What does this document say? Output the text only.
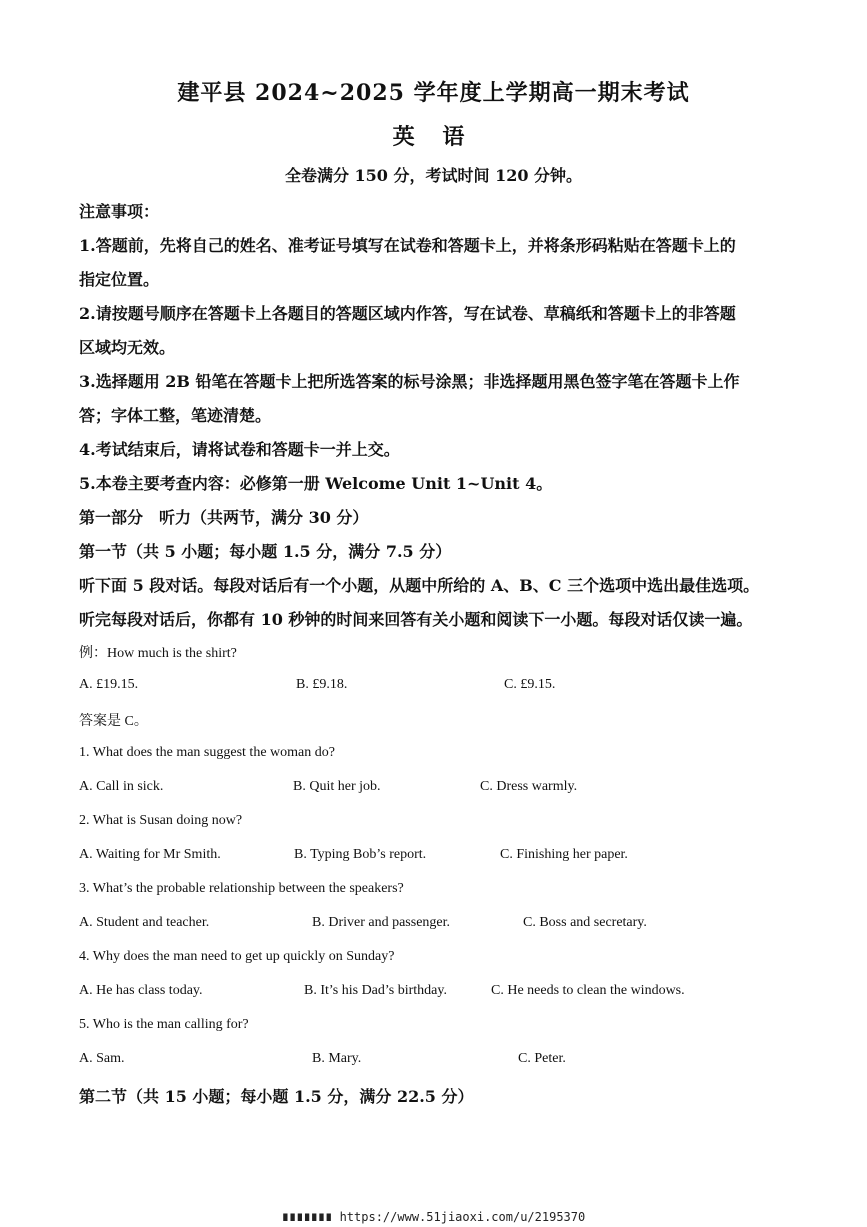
建平县 2024~2025 学年度上学期高一期末考试
英 语
全卷满分 150 分，考试时间 120 分钟。
注意事项：
1.答题前，先将自己的姓名、准考证号填写在试卷和答题卡上，并将条形码粘贴在答题卡上的
指定位置。
2.请按题号顺序在答题卡上各题目的答题区域内作答，写在试卷、草稿纸和答题卡上的非答题
区域均无效。
3.选择题用 2B 铅笔在答题卡上把所选答案的标号涂黑；非选择题用黑色签字笔在答题卡上作
答；字体工整，笔迹清楚。
4.考试结束后，请将试卷和答题卡一并上交。
5.本卷主要考查内容：必修第一册 Welcome Unit 1~Unit 4。
第一部分　听力（共两节，满分 30 分）
第一节（共 5 小题；每小题 1.5 分，满分 7.5 分）
听下面 5 段对话。每段对话后有一个小题，从题中所给的 A、B、C 三个选项中选出最佳选项。
听完每段对话后，你都有 10 秒钟的时间来回答有关小题和阅读下一小题。每段对话仅读一遍。
例：How much is the shirt?
A. £19.15.	B. £9.18.	C. £9.15.
答案是 C。
1. What does the man suggest the woman do?
A. Call in sick.	B. Quit her job.	C. Dress warmly.
2. What is Susan doing now?
A. Waiting for Mr Smith.	B. Typing Bob’s report.	C. Finishing her paper.
3. What’s the probable relationship between the speakers?
A. Student and teacher.	B. Driver and passenger.	C. Boss and secretary.
4. Why does the man need to get up quickly on Sunday?
A. He has class today.	B. It’s his Dad’s birthday.	C. He needs to clean the windows.
5. Who is the man calling for?
A. Sam.	B. Mary.	C. Peter.
第二节（共 15 小题；每小题 1.5 分，满分 22.5 分）
∎∎∎∎∎∎∎ https://www.51jiaoxi.com/u/2195370
